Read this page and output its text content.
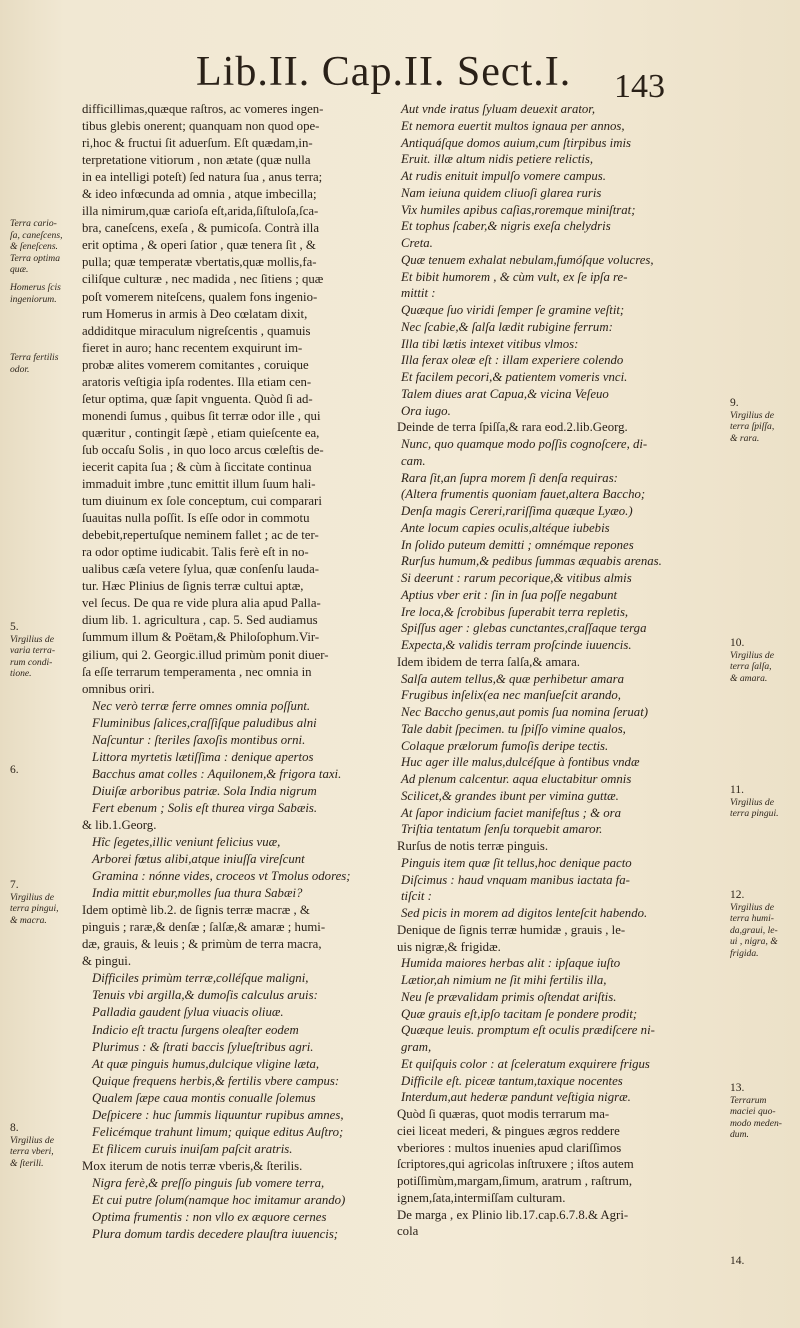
Lib.II. Cap.II. Sect.I. 143
difficillimas,quæque raſtros, ac vomeres ingen-
tibus glebis onerent; quanquam non quod ope-
ri,hoc & fructui ſit aduerſum. Eſt quædam,in-
terpretatione vitiorum , non ætate (quæ nulla
in ea intelligi poteſt) ſed natura ſua , anus terra;
& ideo infœcunda ad omnia , atque imbecilla;
illa nimirum,quæ carioſa eſt,arida,ſiſtuloſa,ſca-
bra, caneſcens, exeſa , & pumicoſa. Contrà illa
erit optima , & operi ſatior , quæ tenera ſit , &
pulla; quæ temperatæ vbertatis,quæ mollis,fa-
ciliſque culturæ , nec madida , nec ſitiens ; quæ
poſt vomerem niteſcens, qualem fons ingenio-
rum Homerus in armis à Deo cœlatam dixit,
addiditque miraculum nigreſcentis , quamuis
fieret in auro; hanc recentem exquirunt im-
probæ alites vomerem comitantes , coruique
aratoris veſtigia ipſa rodentes. Illa etiam cen-
ſetur optima, quæ ſapit vnguenta. Quòd ſi ad-
monendi ſumus , quibus ſit terræ odor ille , qui
quæritur , contingit ſæpè , etiam quieſcente ea,
ſub occaſu Solis , in quo loco arcus cœleſtis de-
iecerit capita ſua ; & cùm à ſiccitate continua
immaduit imbre ,tunc emittit illum ſuum hali-
tum diuinum ex ſole conceptum, cui comparari
ſuauitas nulla poſſit. Is eſſe odor in commotu
debebit,repertuſque neminem fallet ; ac de ter-
ra odor optime iudicabit. Talis ferè eſt in no-
ualibus cæſa vetere ſylua, quæ conſenſu lauda-
tur. Hæc Plinius de ſignis terræ cultui aptæ,
vel ſecus. De qua re vide plura alia apud Palla-
dium lib. 1. agricultura , cap. 5. Sed audiamus
ſummum illum & Poëtam,& Philoſophum.Vir-
gilium, qui 2. Georgic.illud primùm ponit diuer-
ſa eſſe terrarum temperamenta , nec omnia in
omnibus oriri.
Nec verò terræ ferre omnes omnia poſſunt.
Fluminibus ſalices,craſſiſque paludibus alni
Naſcuntur : ſteriles ſaxoſis montibus orni.
Littora myrtetis lætiſſima : denique apertos
Bacchus amat colles : Aquilonem,& frigora taxi.
Diuiſæ arboribus patriæ. Sola India nigrum
Fert ebenum ; Solis eſt thurea virga Sabæis.
& lib.1.Georg.
Hîc ſegetes,illic veniunt felicius vuæ,
Arborei fœtus alibi,atque iniuſſa vireſcunt
Gramina : nónne vides, croceos vt Tmolus odores;
India mittit ebur,molles ſua thura Sabæi?
Idem optimè lib.2. de ſignis terræ macræ , &
pinguis ; raræ,& denſæ ; ſalſæ,& amaræ ; humi-
dæ, grauis, & leuis ; & primùm de terra macra,
& pingui.
Difficiles primùm terræ,colléſque maligni,
Tenuis vbi argilla,& dumoſis calculus aruis:
Palladia gaudent ſylua viuacis oliuæ.
Indicio eſt tractu ſurgens oleaſter eodem
Plurimus : & ſtrati baccis ſylueſtribus agri.
At quæ pinguis humus,dulcique vligine læta,
Quique frequens herbis,& fertilis vbere campus:
Qualem ſæpe caua montis conualle ſolemus
Deſpicere : huc ſummis liquuntur rupibus amnes,
Felicémque trahunt limum; quique editus Auſtro;
Et filicem curuis inuiſam paſcit aratris.
Mox iterum de notis terræ vberis,& ſterilis.
Nigra ferè,& preſſo pinguis ſub vomere terra,
Et cui putre ſolum(namque hoc imitamur arando)
Optima frumentis : non vllo ex æquore cernes
Plura domum tardis decedere plauſtra iuuencis;
Aut vnde iratus ſyluam deuexit arator,
Et nemora euertit multos ignaua per annos,
Antiquáſque domos auium,cum ſtirpibus imis
Eruit. illæ altum nidis petiere relictis,
At rudis enituit impulſo vomere campus.
Nam ieiuna quidem cliuoſi glarea ruris
Vix humiles apibus caſias,roremque miniſtrat;
Et tophus ſcaber,& nigris exeſa chelydris
Creta.
Quæ tenuem exhalat nebulam,fumóſque volucres,
Et bibit humorem , & cùm vult, ex ſe ipſa re-
mittit :
Quæque ſuo viridi ſemper ſe gramine veſtit;
Nec ſcabie,& ſalſa lædit rubigine ferrum:
Illa tibi lætis intexet vitibus vlmos:
Illa ferax oleæ eſt : illam experiere colendo
Et facilem pecori,& patientem vomeris vnci.
Talem diues arat Capua,& vicina Veſeuo
Ora iugo.
Deinde de terra ſpiſſa,& rara eod.2.lib.Georg.
Nunc, quo quamque modo poſſis cognoſcere, di-
cam.
Rara ſit,an ſupra morem ſi denſa requiras:
(Altera frumentis quoniam fauet,altera Baccho;
Denſa magis Cereri,rariſſima quæque Lyæo.)
Ante locum capies oculis,altéque iubebis
In ſolido puteum demitti ; omnémque repones
Rurſus humum,& pedibus ſummas æquabis arenas.
Si deerunt : rarum pecorique,& vitibus almis
Aptius vber erit : ſin in ſua poſſe negabunt
Ire loca,& ſcrobibus ſuperabit terra repletis,
Spiſſus ager : glebas cunctantes,craſſaque terga
Expecta,& validis terram proſcinde iuuencis.
Idem ibidem de terra ſalſa,& amara.
Salſa autem tellus,& quæ perhibetur amara
Frugibus inſelix(ea nec manſueſcit arando,
Nec Baccho genus,aut pomis ſua nomina ſeruat)
Tale dabit ſpecimen. tu ſpiſſo vimine qualos,
Colaque prælorum fumoſis deripe tectis.
Huc ager ille malus,dulcéſque à fontibus vndæ
Ad plenum calcentur. aqua eluctabitur omnis
Scilicet,& grandes ibunt per vimina guttæ.
At ſapor indicium faciet manifeſtus ; & ora
Triſtia tentatum ſenſu torquebit amaror.
Rurſus de notis terræ pinguis.
Pinguis item quæ ſit tellus,hoc denique pacto
Diſcimus : haud vnquam manibus iactata fa-
tiſcit :
Sed picis in morem ad digitos lenteſcit habendo.
Denique de ſignis terræ humidæ , grauis , le-
uis nigræ,& frigidæ.
Humida maiores herbas alit : ipſaque iuſto
Lætior,ah nimium ne ſit mihi fertilis illa,
Neu ſe prævalidam primis oſtendat ariſtis.
Quæ grauis eſt,ipſo tacitam ſe pondere prodit;
Quæque leuis. promptum eſt oculis prædiſcere ni-
gram,
Et quiſquis color : at ſceleratum exquirere frigus
Difficile eſt. piceæ tantum,taxique nocentes
Interdum,aut hederæ pandunt veſtigia nigræ.
Quòd ſi quæras, quot modis terrarum ma-
ciei liceat mederi, & pingues ægros reddere
vberiores : multos inuenies apud clariſſimos
ſcriptores,qui agricolas inſtruxere ; iſtos autem
potiſſimùm,margam,ſimum, aratrum , raſtrum,
ignem,ſata,intermiſſam culturam.
De marga , ex Plinio lib.17.cap.6.7.8.& Agri-
cola
Terra cario-
ſa, caneſcens,
& ſeneſcens.
Terra optima
quæ.
Homerus ſcis
ingeniorum.
Terra fertilis
odor.
5.
Virgilius de
varia terra-
rum condi-
tione.
6.
7.
Virgilius de
terra pingui,
& macra.
8.
Virgilius de
terra vberi,
& ſterili.
9.
Virgilius de
terra ſpiſſa,
& rara.
10.
Virgilius de
terra ſalſa,
& amara.
11.
Virgilius de
terra pingui.
12.
Virgilius de
terra humi-
da,graui, le-
ui , nigra, &
frigida.
13.
Terrarum
maciei quo-
modo meden-
dum.
14.
